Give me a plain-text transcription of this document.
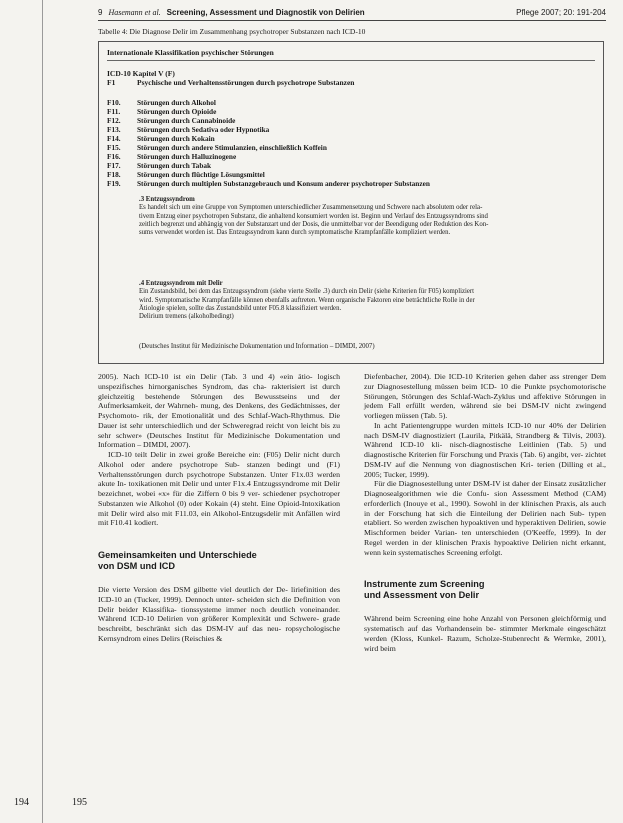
194	195
9 Hasemann et al. Screening, Assessment und Diagnostik von Delirien	Pflege 2007; 20: 191-204
Tabelle 4: Die Diagnose Delir im Zusammenhang psychotroper Substanzen nach ICD-10
Internationale Klassifikation psychischer Störungen
ICD-10 Kapitel V (F)
F1	Psychische und Verhaltensstörungen durch psychotrope Substanzen
F10. Störungen durch Alkohol
F11. Störungen durch Opioide
F12. Störungen durch Cannabinoide
F13. Störungen durch Sedativa oder Hypnotika
F14. Störungen durch Kokain
F15. Störungen durch andere Stimulanzien, einschließlich Koffein
F16. Störungen durch Halluzinogene
F17. Störungen durch Tabak
F18. Störungen durch flüchtige Lösungsmittel
F19. Störungen durch multiplen Substanzgebrauch und Konsum anderer psychotroper Substanzen
.3 Entzugssyndrom
Es handelt sich um eine Gruppe von Symptomen unterschiedlicher Zusammensetzung und Schwere nach absolutem oder rela-
tivem Entzug einer psychotropen Substanz, die anhaltend konsumiert worden ist. Beginn und Verlauf des Entzugssyndroms sind
zeitlich begrenzt und abhängig von der Substanzart und der Dosis, die unmittelbar vor der Beendigung oder Reduktion des Kon-
sums verwendet worden ist. Das Entzugssyndrom kann durch symptomatische Krampfanfälle kompliziert werden.
.4 Entzugssyndrom mit Delir
Ein Zustandsbild, bei dem das Entzugssyndrom (siehe vierte Stelle .3) durch ein Delir (siehe Kriterien für F05) kompliziert
wird. Symptomatische Krampfanfälle können ebenfalls auftreten. Wenn organische Faktoren eine beträchtliche Rolle in der
Ätiologie spielen, sollte das Zustandsbild unter F05.8 klassifiziert werden.
Delirium tremens (alkoholbedingt)
(Deutsches Institut für Medizinische Dokumentation und Information – DIMDI, 2007)

2005). Nach ICD-10 ist ein Delir (Tab. 3 und 4) «ein ätio- logisch unspezifisches hirnorganisches Syndrom, das cha- rakterisiert ist durch gleichzeitig bestehende Störungen des Bewusstseins und der Aufmerksamkeit, der Wahrneh- mung, des Denkens, des Gedächtnisses, der Psychomoto- rik, der Emotionalität und des Schlaf-Wach-Rhythmus. Die Dauer ist sehr unterschiedlich und der Schweregrad reicht von leicht bis zu sehr schwer» (Deutsches Institut für Medizinische Dokumentation und Information – DIMDI, 2007).

ICD-10 teilt Delir in zwei große Bereiche ein: (F05) Delir nicht durch Alkohol oder andere psychotrope Sub- stanzen bedingt und (F1) Verhaltensstörungen durch psychotrope Substanzen. Unter F1x.03 werden akute In- toxikationen mit Delir und unter F1x.4 Entzugssyndrome mit Delir bezeichnet, wobei «x» für die Ziffern 0 bis 9 ver- schiedener psychotroper Substanzen wie Alkohol (0) oder Kokain (4) steht. Eine Opioid-Intoxikation mit Delir wird also mit F11.03, ein Alkohol-Entzugsdelir mit Anfällen wird mit F10.41 kodiert.

Gemeinsamkeiten und Unterschiede
von DSM und ICD

Die vierte Version des DSM gilbette viel deutlich der De- liriefinition des ICD-10 an (Tucker, 1999). Dennoch unter- scheiden sich die Definition von Delir beider Klassifika- tionssysteme immer noch deutlich voneinander. Während ICD-10 Delirien von größerer Komplexität und Schwere- grade beschreibt, beschränkt sich das DSM-IV auf das neu- ropsychologische Kernsyndrom eines Delirs (Reischies &

Diefenbacher, 2004). Die ICD-10 Kriterien gehen daher ass strenger Dem zur Diagnosestellung müssen beim ICD- 10 die Punkte psychomotorische Störungen, Störungen des Schlaf-Wach-Zyklus und affektive Störungen in jedem Fall erfüllt werden, während sie bei DSM-IV nicht zwingend vorliegen müssen (Tab. 5).

In acht Patientengruppe wurden mittels ICD-10 nur 40% der Delirien nach DSM-IV diagnostiziert (Laurila, Pitkälä, Strandberg & Tilvis, 2003). Während ICD-10 kli- nisch-diagnostische Leitlinien (Tab. 5) und diagnostische Kriterien für Forschung und Praxis (Tab. 6) angibt, ver- zichtet DSM-IV auf die Nennung von diagnostischen Kri- terien (Dilling et al., 2005; Tucker, 1999).

Für die Diagnosestellung unter DSM-IV ist daher der Einsatz zusätzlicher Diagnosealgorithmen wie die Confu- sion Assessment Method (CAM) erforderlich (Inouye et al., 1990). Sowohl in der klinischen Praxis, als auch in der Forschung hat sich die Einteilung der Delirien nach Sub- typen etabliert. So werden zwischen hypoaktiven und hyperaktiven Delirien, sowie Mischformen beider Varian- ten unterschieden (O'Keeffe, 1999). In der Regel werden in der klinischen Praxis hypoaktive Delirien nicht erkannt, wenn kein systematisches Screening erfolgt.

Instrumente zum Screening
und Assessment von Delir

Während beim Screening eine hohe Anzahl von Personen gleichförmig und systematisch auf das Vorhandensein be- stimmter Merkmale eingeschätzt werden (Kloss, Kunkel- Razum, Scholze-Stubenrecht & Wermke, 2001), wird beim
